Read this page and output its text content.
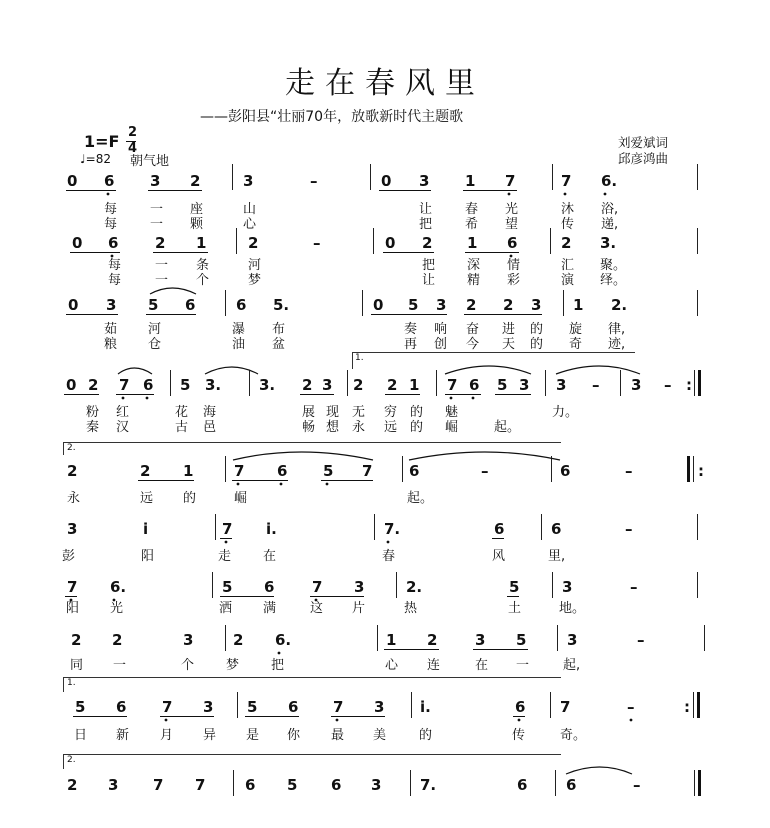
走在春风里
——彭阳县“壮丽70年，放歌新时代主题歌
刘爱斌词
邱彦鸿曲
1=F 2
4
♩=82 朝气地
0 6 3 2	3	–	0 3 1 7	7 6.
每	一 座	山	让	春 光	沐 浴,
每	一 颗	心	把	希 望	传 递,
0 6 2 1	2	–	0 2 1 6	2 3.
每	一 条	河	把 深 情	汇 聚。
每	一 个	梦	让 精 彩	演 绎。
0 3 5 6	6 5.	0 5 3 2 2 3 1 2.
茹 河	瀑 布	奏 响 奋 进 的 旋 律,
粮 仓	油 盆	再 创 今 天 的 奇 迹,
1.
0 2 7 6 5 3.	3. 2 3 2 2 1 7 6 5 3 3 – 3 – :
粉 红	花 海	展 现 无 穷 的 魅	力。
秦 汉	古 邑	畅 想 永 远 的 崛	起。
2.
2	2 1	7 6 5 7 6	–	6	–	:
永	远 的	崛	起。
3	i	7 i.	7.	6	6	–
彭	阳	走 在	春	风	里,
7 6.	5 6	7 3	2.	5	3	–
阳 光	洒 满	这 片	热	土	地。
2 2	3	2 6.	1 2	3 5	3	–
同 一	个 梦 把	心 连	在 一	起,
1.
5 6 7 3 5 6 7 3 i.	6 7	–	:
日 新 月 异 是 你 最 美	的	传	奇。
2.
2 3 7 7	6 5 6 3	7.	6	6	–
